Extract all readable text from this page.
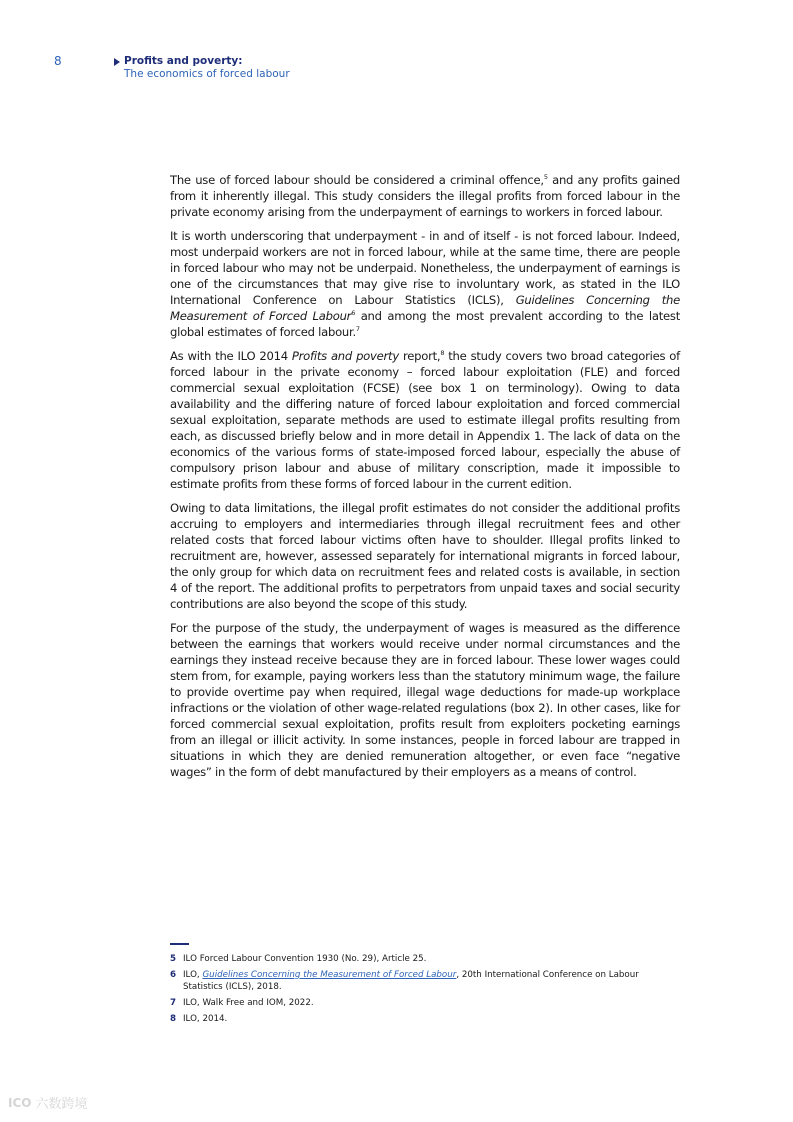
8	Profits and poverty:
The economics of forced labour

The use of forced labour should be considered a criminal offence,$^5$ and any profits gained from it inherently illegal. This study considers the illegal profits from forced labour in the private economy arising from the underpayment of earnings to workers in forced labour.

It is worth underscoring that underpayment - in and of itself - is not forced labour. Indeed, most underpaid workers are not in forced labour, while at the same time, there are people in forced labour who may not be underpaid. Nonetheless, the underpayment of earnings is one of the circumstances that may give rise to involuntary work, as stated in the ILO International Conference on Labour Statistics (ICLS), Guidelines Concerning the Measurement of Forced Labour$^6$ and among the most prevalent according to the latest global estimates of forced labour.$^7$

As with the ILO 2014 Profits and poverty report,$^8$ the study covers two broad categories of forced labour in the private economy – forced labour exploitation (FLE) and forced commercial sexual exploitation (FCSE) (see box 1 on terminology). Owing to data availability and the differing nature of forced labour exploitation and forced commercial sexual exploitation, separate methods are used to estimate illegal profits resulting from each, as discussed briefly below and in more detail in Appendix 1. The lack of data on the economics of the various forms of state-imposed forced labour, especially the abuse of compulsory prison labour and abuse of military conscription, made it impossible to estimate profits from these forms of forced labour in the current edition.

Owing to data limitations, the illegal profit estimates do not consider the additional profits accruing to employers and intermediaries through illegal recruitment fees and other related costs that forced labour victims often have to shoulder. Illegal profits linked to recruitment are, however, assessed separately for international migrants in forced labour, the only group for which data on recruitment fees and related costs is available, in section 4 of the report. The additional profits to perpetrators from unpaid taxes and social security contributions are also beyond the scope of this study.

For the purpose of the study, the underpayment of wages is measured as the difference between the earnings that workers would receive under normal circumstances and the earnings they instead receive because they are in forced labour. These lower wages could stem from, for example, paying workers less than the statutory minimum wage, the failure to provide overtime pay when required, illegal wage deductions for made-up workplace infractions or the violation of other wage-related regulations (box 2). In other cases, like for forced commercial sexual exploitation, profits result from exploiters pocketing earnings from an illegal or illicit activity. In some instances, people in forced labour are trapped in situations in which they are denied remuneration altogether, or even face “negative wages” in the form of debt manufactured by their employers as a means of control.

5 ILO Forced Labour Convention 1930 (No. 29), Article 25.
6 ILO, Guidelines Concerning the Measurement of Forced Labour, 20th International Conference on Labour Statistics (ICLS), 2018.
7 ILO, Walk Free and IOM, 2022.
8 ILO, 2014.
ICO 六数跨境
